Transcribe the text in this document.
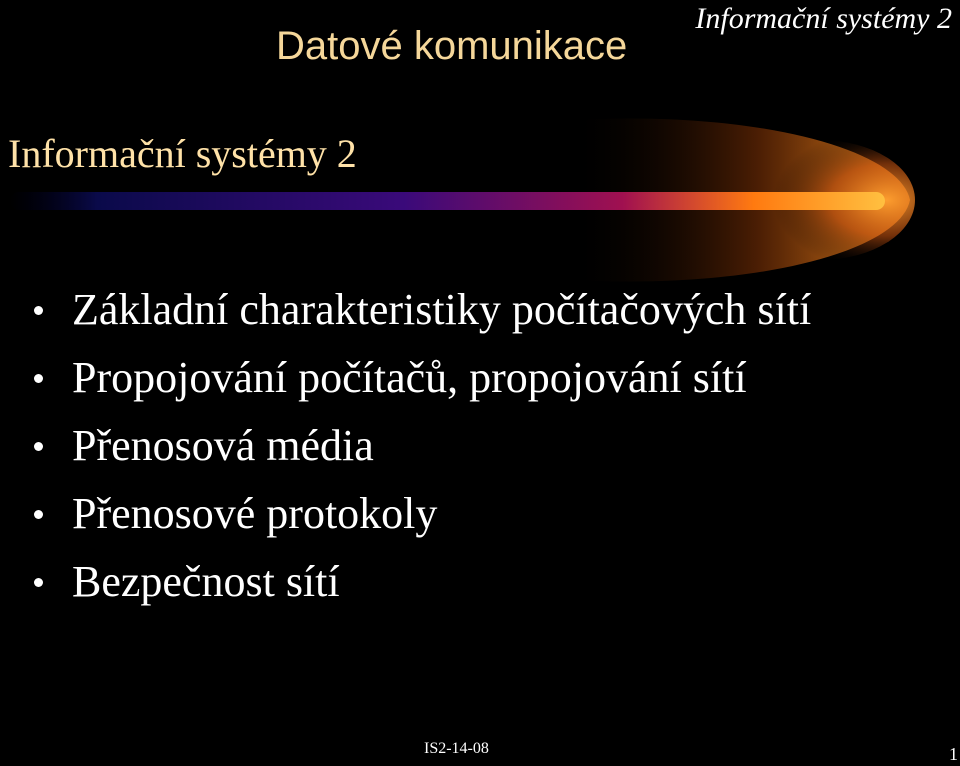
Informační systémy 2
Datové komunikace
Informační systémy 2
Základní charakteristiky počítačových sítí
Propojování počítačů, propojování sítí
Přenosová média
Přenosové protokoly
Bezpečnost sítí
IS2-14-08	1
